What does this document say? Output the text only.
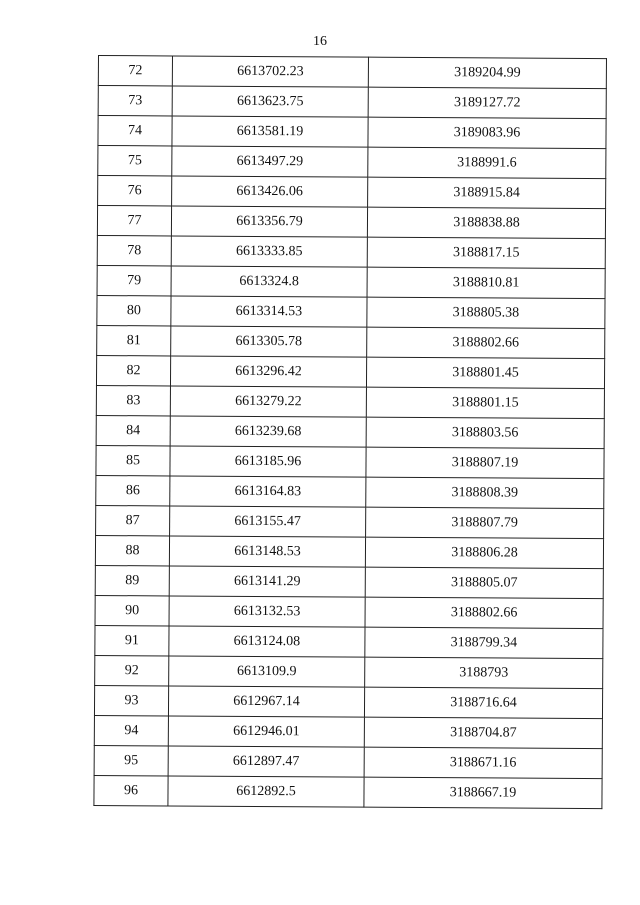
16
72	6613702.23	3189204.99
73	6613623.75	3189127.72
74	6613581.19	3189083.96
75	6613497.29	3188991.6
76	6613426.06	3188915.84
77	6613356.79	3188838.88
78	6613333.85	3188817.15
79	6613324.8	3188810.81
80	6613314.53	3188805.38
81	6613305.78	3188802.66
82	6613296.42	3188801.45
83	6613279.22	3188801.15
84	6613239.68	3188803.56
85	6613185.96	3188807.19
86	6613164.83	3188808.39
87	6613155.47	3188807.79
88	6613148.53	3188806.28
89	6613141.29	3188805.07
90	6613132.53	3188802.66
91	6613124.08	3188799.34
92	6613109.9	3188793
93	6612967.14	3188716.64
94	6612946.01	3188704.87
95	6612897.47	3188671.16
96	6612892.5	3188667.19
